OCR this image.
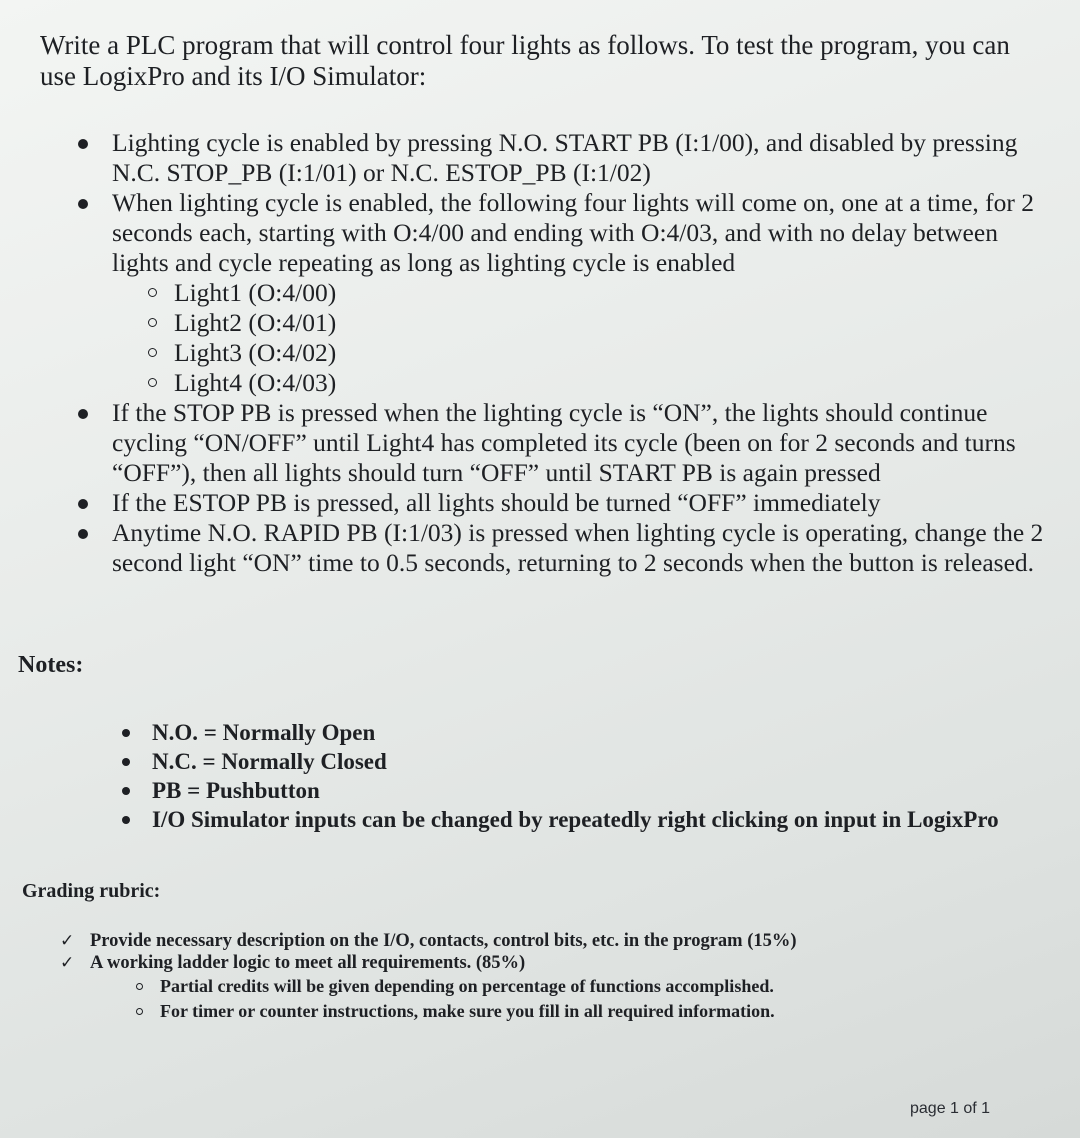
Write a PLC program that will control four lights as follows. To test the program, you can use LogixPro and its I/O Simulator:

Lighting cycle is enabled by pressing N.O. START PB (I:1/00), and disabled by pressing N.C. STOP_PB (I:1/01) or N.C. ESTOP_PB (I:1/02)
When lighting cycle is enabled, the following four lights will come on, one at a time, for 2 seconds each, starting with O:4/00 and ending with O:4/03, and with no delay between lights and cycle repeating as long as lighting cycle is enabled
Light1 (O:4/00)
Light2 (O:4/01)
Light3 (O:4/02)
Light4 (O:4/03)
If the STOP PB is pressed when the lighting cycle is “ON”, the lights should continue cycling “ON/OFF” until Light4 has completed its cycle (been on for 2 seconds and turns “OFF”), then all lights should turn “OFF” until START PB is again pressed
If the ESTOP PB is pressed, all lights should be turned “OFF” immediately
Anytime N.O. RAPID PB (I:1/03) is pressed when lighting cycle is operating, change the 2 second light “ON” time to 0.5 seconds, returning to 2 seconds when the button is released.
Notes:
N.O. = Normally Open
N.C. = Normally Closed
PB = Pushbutton
I/O Simulator inputs can be changed by repeatedly right clicking on input in LogixPro
Grading rubric:
✓ Provide necessary description on the I/O, contacts, control bits, etc. in the program (15%)
✓ A working ladder logic to meet all requirements. (85%)
Partial credits will be given depending on percentage of functions accomplished.
For timer or counter instructions, make sure you fill in all required information.
page 1 of 1
